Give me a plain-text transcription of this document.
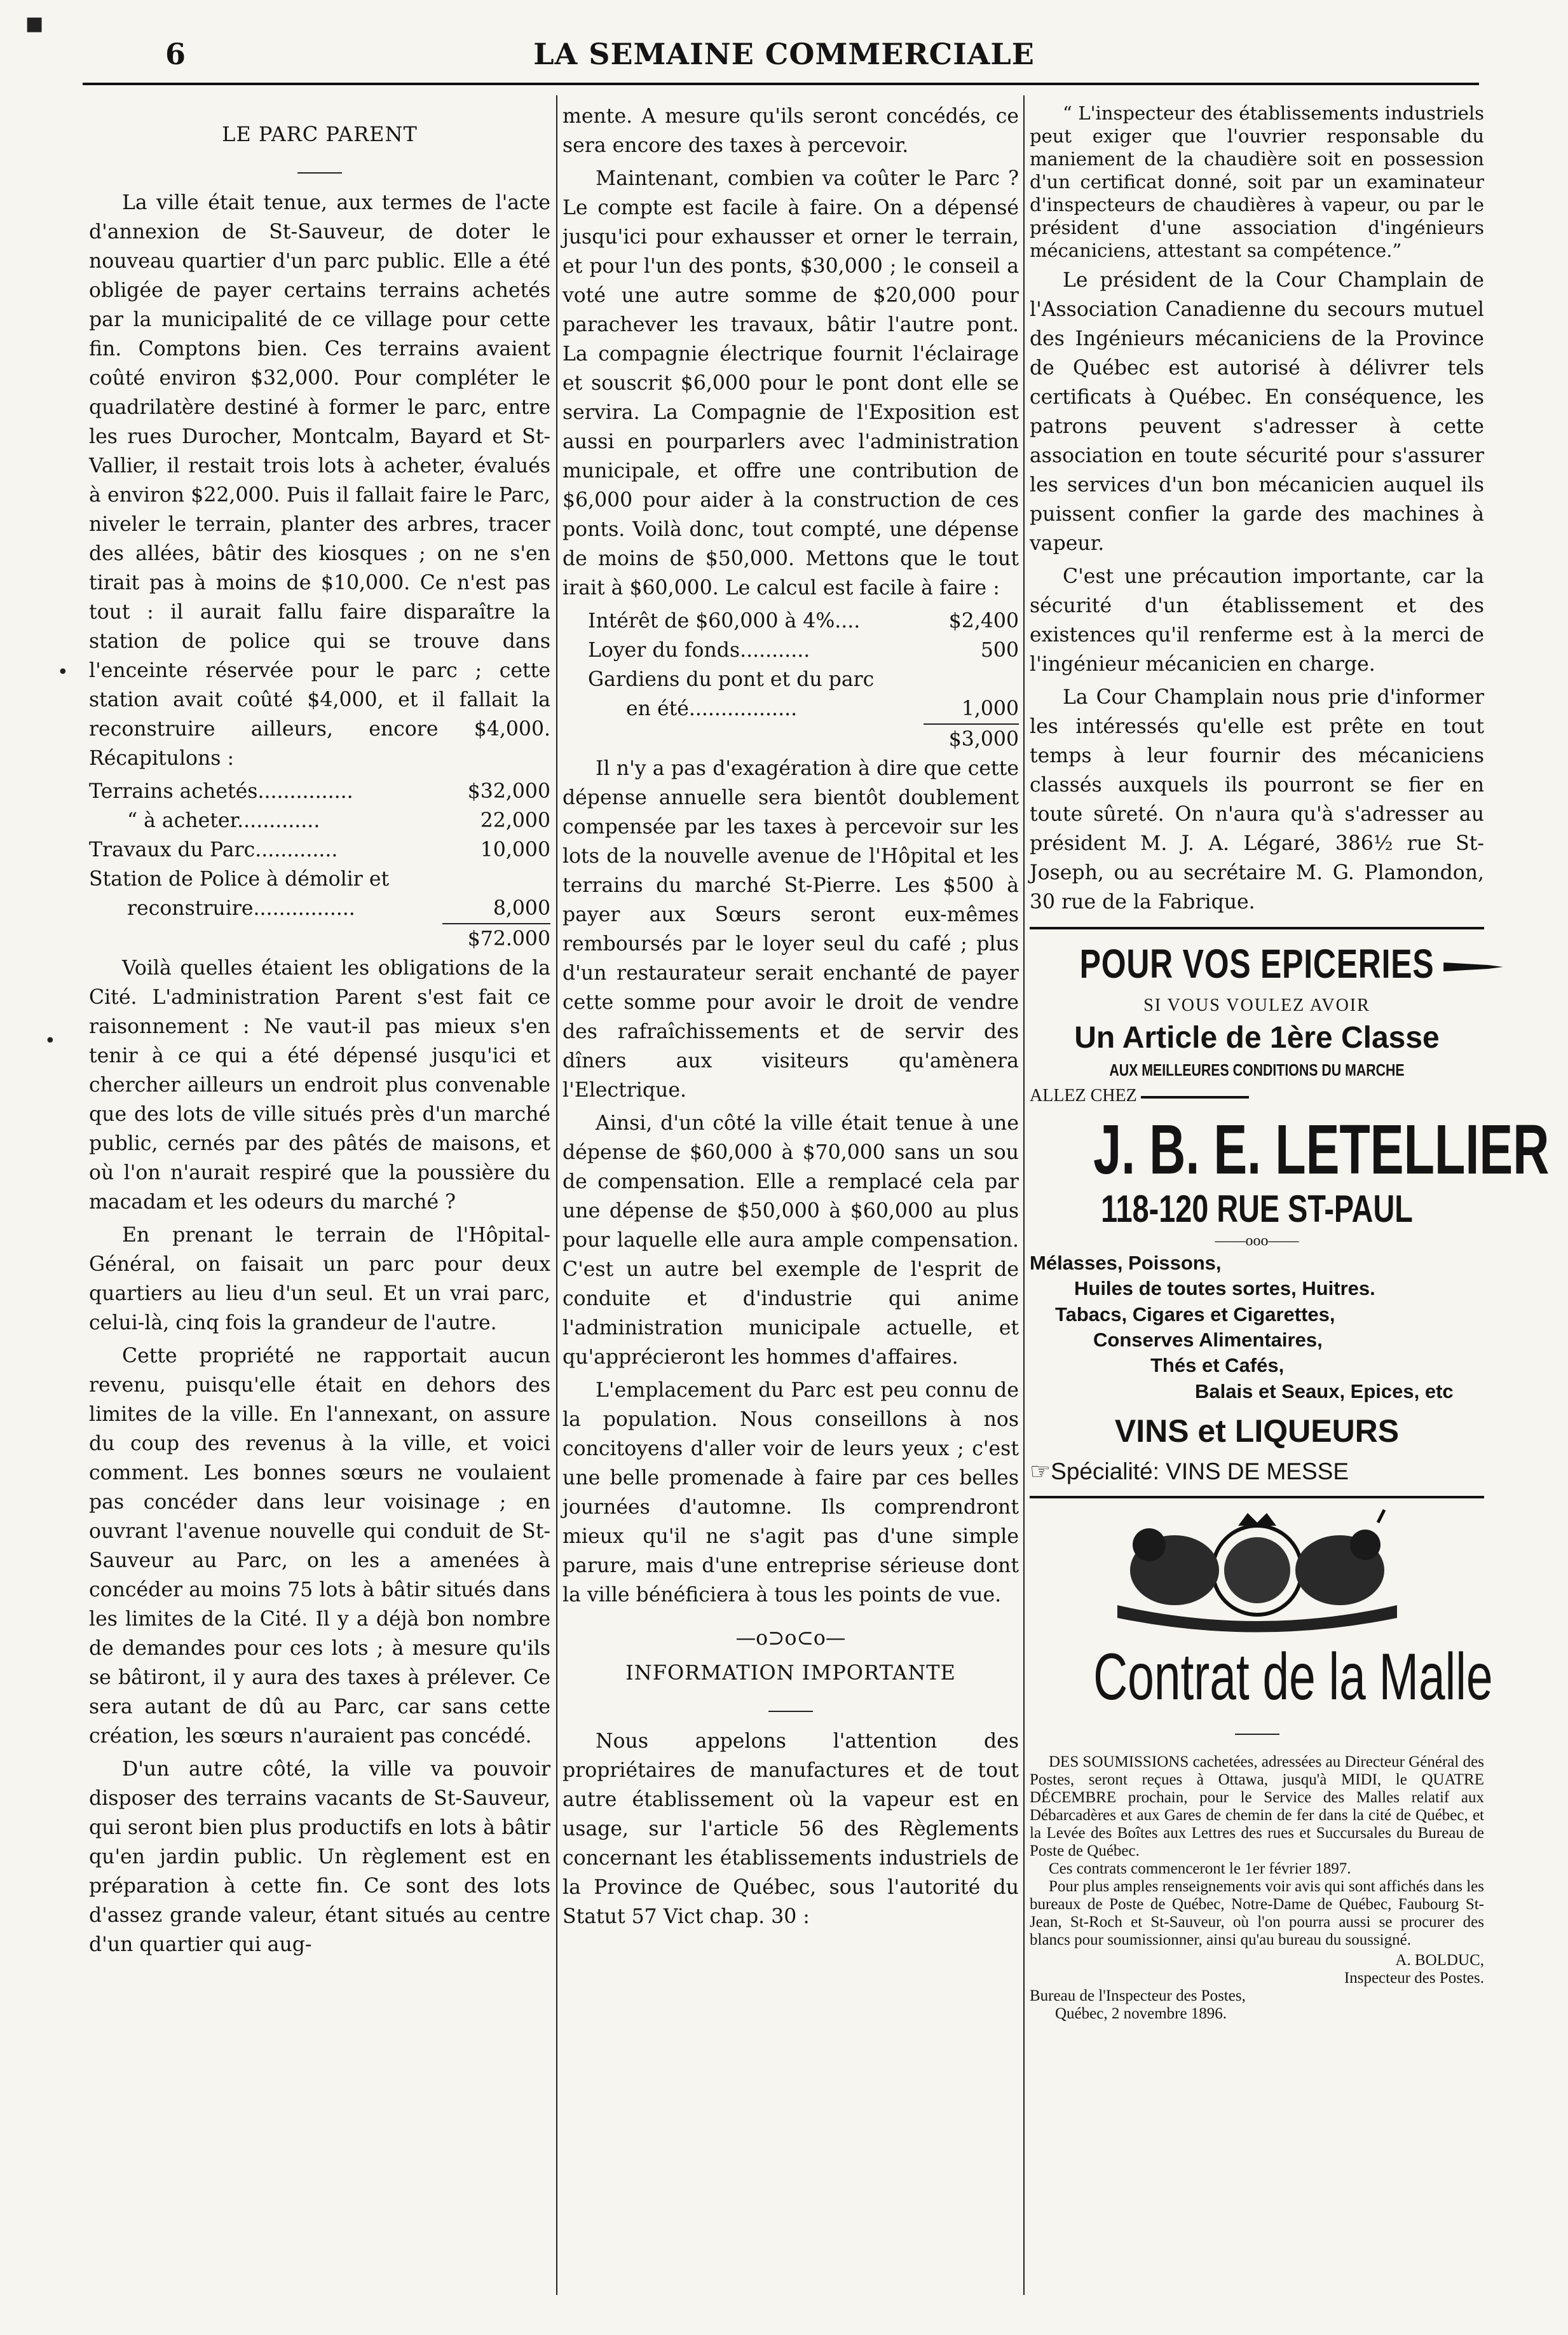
6	LA SEMAINE COMMERCIALE
■
•
•
LE PARC PARENT

La ville était tenue, aux termes de l'acte d'annexion de St-Sauveur, de doter le nouveau quartier d'un parc public. Elle a été obligée de payer certains terrains achetés par la municipalité de ce village pour cette fin. Comptons bien. Ces terrains avaient coûté environ $32,000. Pour compléter le quadrilatère destiné à former le parc, entre les rues Durocher, Montcalm, Bayard et St-Vallier, il restait trois lots à acheter, évalués à environ $22,000. Puis il fallait faire le Parc, niveler le terrain, planter des arbres, tracer des allées, bâtir des kiosques ; on ne s'en tirait pas à moins de $10,000. Ce n'est pas tout : il aurait fallu faire disparaître la station de police qui se trouve dans l'enceinte réservée pour le parc ; cette station avait coûté $4,000, et il fallait la reconstruire ailleurs, encore $4,000. Récapitulons :

Terrains achetés...............	$32,000
“ à acheter.............	22,000
Travaux du Parc.............	10,000
Station de Police à démolir et
reconstruire................	8,000
$72.000

Voilà quelles étaient les obligations de la Cité. L'administration Parent s'est fait ce raisonnement : Ne vaut-il pas mieux s'en tenir à ce qui a été dépensé jusqu'ici et chercher ailleurs un endroit plus convenable que des lots de ville situés près d'un marché public, cernés par des pâtés de maisons, et où l'on n'aurait respiré que la poussière du macadam et les odeurs du marché ?

En prenant le terrain de l'Hôpital-Général, on faisait un parc pour deux quartiers au lieu d'un seul. Et un vrai parc, celui-là, cinq fois la grandeur de l'autre.

Cette propriété ne rapportait aucun revenu, puisqu'elle était en dehors des limites de la ville. En l'annexant, on assure du coup des revenus à la ville, et voici comment. Les bonnes sœurs ne voulaient pas concéder dans leur voisinage ; en ouvrant l'avenue nouvelle qui conduit de St-Sauveur au Parc, on les a amenées à concéder au moins 75 lots à bâtir situés dans les limites de la Cité. Il y a déjà bon nombre de demandes pour ces lots ; à mesure qu'ils se bâtiront, il y aura des taxes à prélever. Ce sera autant de dû au Parc, car sans cette création, les sœurs n'auraient pas concédé.

D'un autre côté, la ville va pouvoir disposer des terrains vacants de St-Sauveur, qui seront bien plus productifs en lots à bâtir qu'en jardin public. Un règlement est en préparation à cette fin. Ce sont des lots d'assez grande valeur, étant situés au centre d'un quartier qui aug-

mente. A mesure qu'ils seront concédés, ce sera encore des taxes à percevoir.

Maintenant, combien va coûter le Parc ? Le compte est facile à faire. On a dépensé jusqu'ici pour exhausser et orner le terrain, et pour l'un des ponts, $30,000 ; le conseil a voté une autre somme de $20,000 pour parachever les travaux, bâtir l'autre pont. La compagnie électrique fournit l'éclairage et souscrit $6,000 pour le pont dont elle se servira. La Compagnie de l'Exposition est aussi en pourparlers avec l'administration municipale, et offre une contribution de $6,000 pour aider à la construction de ces ponts. Voilà donc, tout compté, une dépense de moins de $50,000. Mettons que le tout irait à $60,000. Le calcul est facile à faire :

Intérêt de $60,000 à 4%....	$2,400
Loyer du fonds...........	500
Gardiens du pont et du parc
en été.................	1,000
$3,000

Il n'y a pas d'exagération à dire que cette dépense annuelle sera bientôt doublement compensée par les taxes à percevoir sur les lots de la nouvelle avenue de l'Hôpital et les terrains du marché St-Pierre. Les $500 à payer aux Sœurs seront eux-mêmes remboursés par le loyer seul du café ; plus d'un restaurateur serait enchanté de payer cette somme pour avoir le droit de vendre des rafraîchissements et de servir des dîners aux visiteurs qu'amènera l'Electrique.

Ainsi, d'un côté la ville était tenue à une dépense de $60,000 à $70,000 sans un sou de compensation. Elle a remplacé cela par une dépense de $50,000 à $60,000 au plus pour laquelle elle aura ample compensation. C'est un autre bel exemple de l'esprit de conduite et d'industrie qui anime l'administration municipale actuelle, et qu'apprécieront les hommes d'affaires.

L'emplacement du Parc est peu connu de la population. Nous conseillons à nos concitoyens d'aller voir de leurs yeux ; c'est une belle promenade à faire par ces belles journées d'automne. Ils comprendront mieux qu'il ne s'agit pas d'une simple parure, mais d'une entreprise sérieuse dont la ville bénéficiera à tous les points de vue.

—o⊃o⊂o—
INFORMATION IMPORTANTE

Nous appelons l'attention des propriétaires de manufactures et de tout autre établissement où la vapeur est en usage, sur l'article 56 des Règlements concernant les établissements industriels de la Province de Québec, sous l'autorité du Statut 57 Vict chap. 30 :

“ L'inspecteur des établissements industriels peut exiger que l'ouvrier responsable du maniement de la chaudière soit en possession d'un certificat donné, soit par un examinateur d'inspecteurs de chaudières à vapeur, ou par le président d'une association d'ingénieurs mécaniciens, attestant sa compétence.”

Le président de la Cour Champlain de l'Association Canadienne du secours mutuel des Ingénieurs mécaniciens de la Province de Québec est autorisé à délivrer tels certificats à Québec. En conséquence, les patrons peuvent s'adresser à cette association en toute sécurité pour s'assurer les services d'un bon mécanicien auquel ils puissent confier la garde des machines à vapeur.

C'est une précaution importante, car la sécurité d'un établissement et des existences qu'il renferme est à la merci de l'ingénieur mécanicien en charge.

La Cour Champlain nous prie d'informer les intéressés qu'elle est prête en tout temps à leur fournir des mécaniciens classés auxquels ils pourront se fier en toute sûreté. On n'aura qu'à s'adresser au président M. J. A. Légaré, 386½ rue St-Joseph, ou au secrétaire M. G. Plamondon, 30 rue de la Fabrique.

POUR VOS EPICERIES
SI VOUS VOULEZ AVOIR
Un Article de 1ère Classe
AUX MEILLEURES CONDITIONS DU MARCHE
ALLEZ CHEZ
J. B. E. LETELLIER
118-120 RUE ST-PAUL
——ooo——
Mélasses, Poissons,
Huiles de toutes sortes, Huitres.
Tabacs, Cigares et Cigarettes,
Conserves Alimentaires,
Thés et Cafés,
Balais et Seaux, Epices, etc
VINS et LIQUEURS
☞Spécialité: VINS DE MESSE
Contrat de la Malle

DES SOUMISSIONS cachetées, adressées au Directeur Général des Postes, seront reçues à Ottawa, jusqu'à MIDI, le QUATRE DÉCEMBRE prochain, pour le Service des Malles relatif aux Débarcadères et aux Gares de chemin de fer dans la cité de Québec, et la Levée des Boîtes aux Lettres des rues et Succursales du Bureau de Poste de Québec.

Ces contrats commenceront le 1er février 1897.

Pour plus amples renseignements voir avis qui sont affichés dans les bureaux de Poste de Québec, Notre-Dame de Québec, Faubourg St-Jean, St-Roch et St-Sauveur, où l'on pourra aussi se procurer des blancs pour soumissionner, ainsi qu'au bureau du soussigné.

A. BOLDUC,
Inspecteur des Postes.
Bureau de l'Inspecteur des Postes,
Québec, 2 novembre 1896.
